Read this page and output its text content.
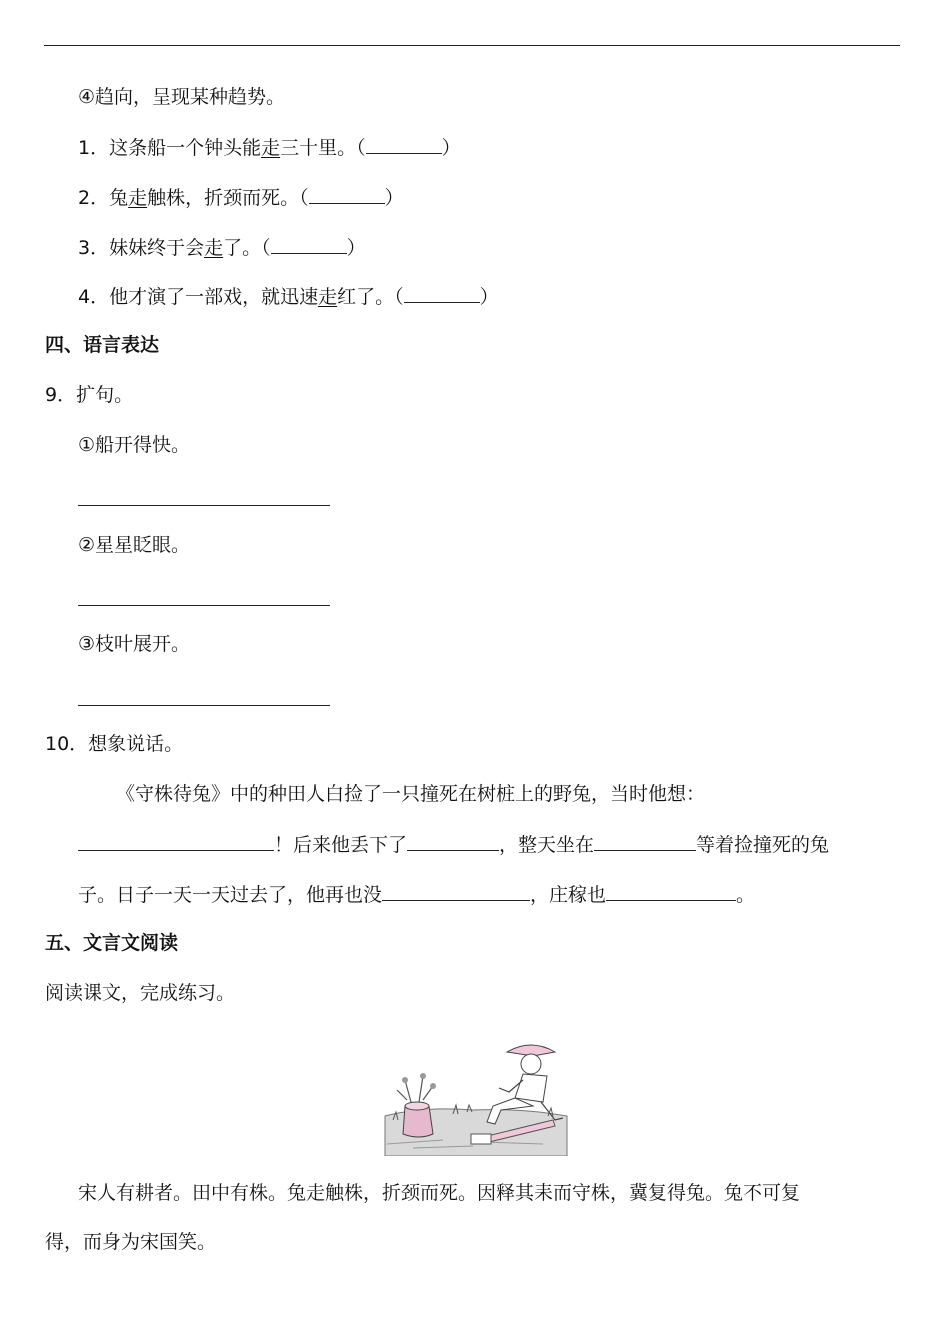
④趋向，呈现某种趋势。
1．这条船一个钟头能走三十里。（	）
2．兔走触株，折颈而死。（	）
3．妹妹终于会走了。（	）
4．他才演了一部戏，就迅速走红了。（	）
四、语言表达
9．扩句。
①船开得快。
②星星眨眼。
③枝叶展开。
10．想象说话。
《守株待兔》中的种田人白捡了一只撞死在树桩上的野兔，当时他想：
！后来他丢下了	，整天坐在	等着捡撞死的兔
子。日子一天一天过去了，他再也没	，庄稼也	。
五、文言文阅读
阅读课文，完成练习。
宋人有耕者。田中有株。兔走触株，折颈而死。因释其耒而守株，冀复得兔。兔不可复
得，而身为宋国笑。
